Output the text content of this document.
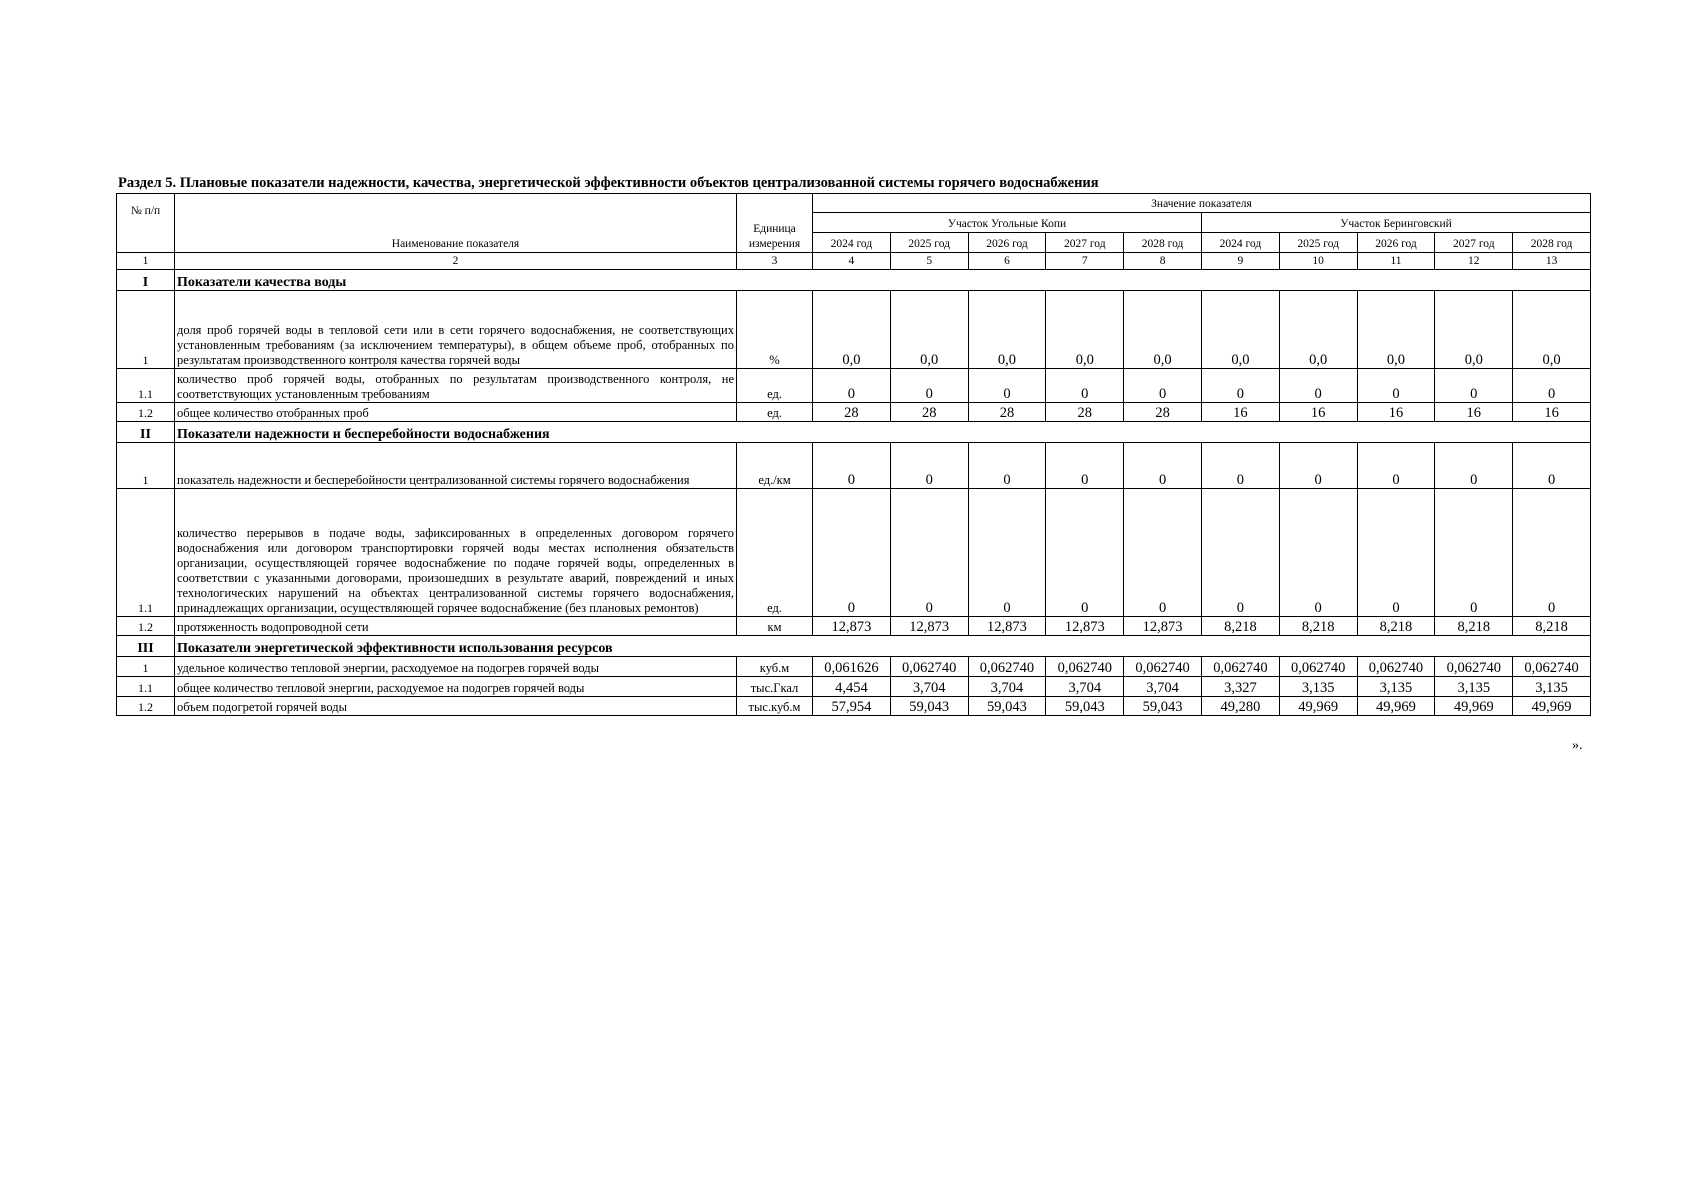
Раздел 5. Плановые показатели надежности, качества, энергетической эффективности объектов централизованной системы горячего водоснабжения
№ п/п	Наименование показателя	Единица измерения	Значение показателя									
			Участок Угольные Копи					Участок Беринговский				
			2024 год	2025 год	2026 год	2027 год	2028 год	2024 год	2025 год	2026 год	2027 год	2028 год
1	2	3	4	5	6	7	8	9	10	11	12	13
I	Показатели качества воды											
1	доля проб горячей воды в тепловой сети или в сети горячего водоснабжения, не соответствующих установленным требованиям (за исключением температуры), в общем объеме проб, отобранных по результатам производственного контроля качества горячей воды	%	0,0	0,0	0,0	0,0	0,0	0,0	0,0	0,0	0,0	0,0
1.1	количество проб горячей воды, отобранных по результатам производственного контроля, не соответствующих установленным требованиям	ед.	0	0	0	0	0	0	0	0	0	0
1.2	общее количество отобранных проб	ед.	28	28	28	28	28	16	16	16	16	16
II	Показатели надежности и бесперебойности водоснабжения											
1	показатель надежности и бесперебойности централизованной системы горячего водоснабжения	ед./км	0	0	0	0	0	0	0	0	0	0
1.1	количество перерывов в подаче воды, зафиксированных в определенных договором горячего водоснабжения или договором транспортировки горячей воды местах исполнения обязательств организации, осуществляющей горячее водоснабжение по подаче горячей воды, определенных в соответствии с указанными договорами, произошедших в результате аварий, повреждений и иных технологических нарушений на объектах централизованной системы горячего водоснабжения, принадлежащих организации, осуществляющей горячее водоснабжение (без плановых ремонтов)	ед.	0	0	0	0	0	0	0	0	0	0
1.2	протяженность водопроводной сети	км	12,873	12,873	12,873	12,873	12,873	8,218	8,218	8,218	8,218	8,218
III	Показатели энергетической эффективности использования ресурсов											
1	удельное количество тепловой энергии, расходуемое на подогрев горячей воды	куб.м	0,061626	0,062740	0,062740	0,062740	0,062740	0,062740	0,062740	0,062740	0,062740	0,062740
1.1	общее количество тепловой энергии, расходуемое на подогрев горячей воды	тыс.Гкал	4,454	3,704	3,704	3,704	3,704	3,327	3,135	3,135	3,135	3,135
1.2	объем подогретой горячей воды	тыс.куб.м	57,954	59,043	59,043	59,043	59,043	49,280	49,969	49,969	49,969	49,969
».
